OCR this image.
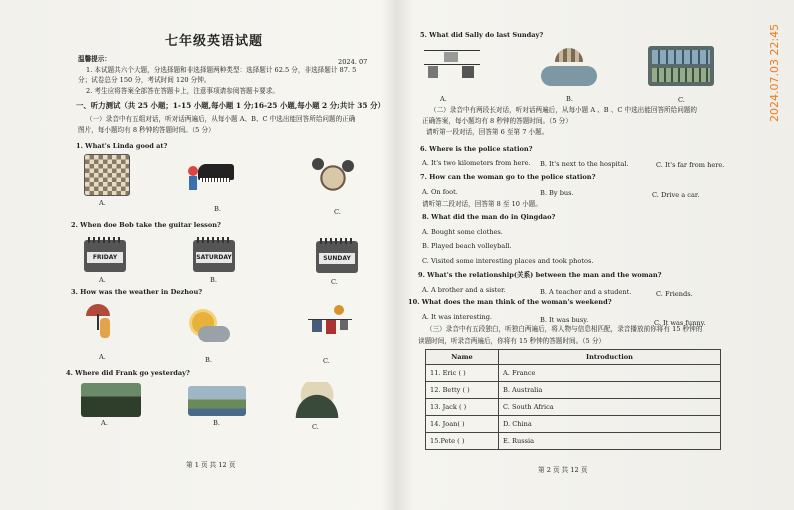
七年级英语试题
2024. 07
温馨提示：
1. 本试题共六个大题，分选择题和非选择题两种类型：选择题计 62.5 分，非选择题计 87. 5
分；试卷总分 150 分，考试时间 120 分钟。
2. 考生应将答案全部答在答题卡上，注意事项请参阅答题卡要求。
一、听力测试（共 25 小题；1-15 小题,每小题 1 分;16-25 小题,每小题 2 分;共计 35 分）
（一）录音中有五组对话，听对话两遍后，从每小题 A、B、C 中选出能回答所给问题的正确
图片，每小题均有 8 秒钟的答题时间。（5 分）
1. What's Linda good at?
A.
B.	C.
2. When doe Bob take the guitar lesson?
FRIDAY	SATURDAY	SUNDAY
A.	B.	C.
3. How was the weather in Dezhou?
A.	B.	C.
4. Where did Frank go yesterday?
A.	B.	C.
第 1 页 共 12 页
5. What did Sally do last Sunday?
A.	B.	C.
（二）录音中有两段长对话，听对话两遍后，从每小题 A 、B 、C 中选出能回答所给问题的
正确答案，每小题均有 8 秒钟的答题时间。（5 分）
请听第一段对话，回答第 6 至第 7 小题。
6. Where is the police station?
A. It's two kilometers from here. B. It's next to the hospital.	C. It's far from here.
7. How can the woman go to the police station?
A. On foot.	B. By bus.	C. Drive a car.
请听第二段对话，回答第 8 至 10 小题。
8. What did the man do in Qingdao?
A. Bought some clothes.
B. Played beach volleyball.
C. Visited some interesting places and took photos.
9. What's the relationship(关系) between the man and the woman?
A. A brother and a sister.	B. A teacher and a student.	C. Friends.
10. What does the man think of the woman's weekend?
A. It was interesting.	B. It was busy.	C. It was funny.
（三）录音中有五段独白，听独白两遍后，将人物与信息相匹配，录音播放前你将有 15 秒钟的
读题时间，听录音两遍后，你将有 15 秒钟的答题时间。（5 分）
Name	Introduction
11. Eric ( )	A. France
12. Betty ( )	B. Australia
13. Jack ( )	C. South Africa
14. Joan( )	D. China
15.Pete ( )	E. Russia
第 2 页 共 12 页
2024.07.03 22:45
